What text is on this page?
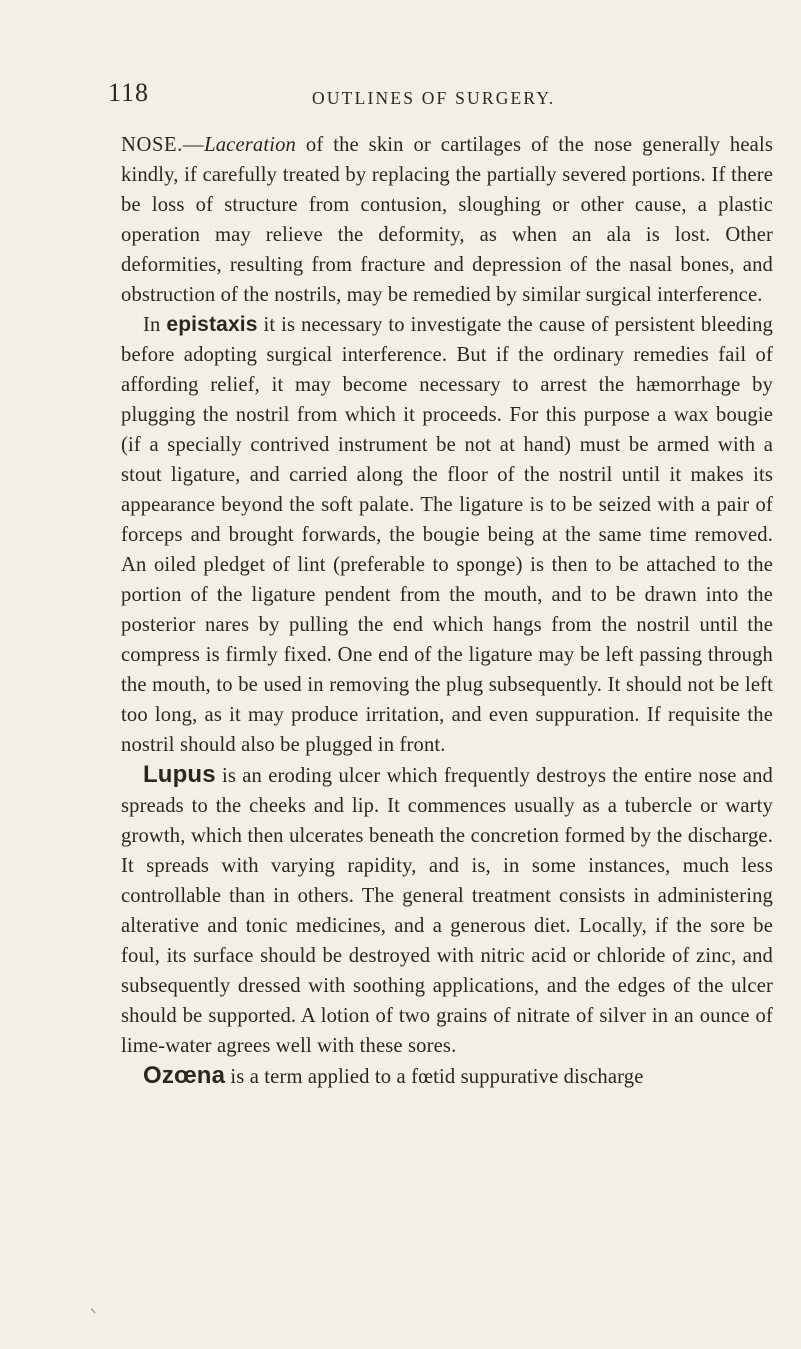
118	OUTLINES OF SURGERY.

NOSE.—Laceration of the skin or cartilages of the nose generally heals kindly, if carefully treated by replacing the partially severed portions. If there be loss of structure from contusion, sloughing or other cause, a plastic operation may relieve the deformity, as when an ala is lost. Other deformities, resulting from fracture and depression of the nasal bones, and obstruction of the nostrils, may be remedied by similar surgical interference.

In epistaxis it is necessary to investigate the cause of persistent bleeding before adopting surgical interference. But if the ordinary remedies fail of affording relief, it may become necessary to arrest the hæmorrhage by plugging the nostril from which it proceeds. For this purpose a wax bougie (if a specially contrived instrument be not at hand) must be armed with a stout ligature, and carried along the floor of the nostril until it makes its appearance beyond the soft palate. The ligature is to be seized with a pair of forceps and brought forwards, the bougie being at the same time removed. An oiled pledget of lint (preferable to sponge) is then to be attached to the portion of the ligature pendent from the mouth, and to be drawn into the posterior nares by pulling the end which hangs from the nostril until the compress is firmly fixed. One end of the ligature may be left passing through the mouth, to be used in removing the plug subsequently. It should not be left too long, as it may produce irritation, and even suppuration. If requisite the nostril should also be plugged in front.

Lupus is an eroding ulcer which frequently destroys the entire nose and spreads to the cheeks and lip. It commences usually as a tubercle or warty growth, which then ulcerates beneath the concretion formed by the discharge. It spreads with varying rapidity, and is, in some instances, much less controllable than in others. The general treatment consists in administering alterative and tonic medicines, and a generous diet. Locally, if the sore be foul, its surface should be destroyed with nitric acid or chloride of zinc, and subsequently dressed with soothing applications, and the edges of the ulcer should be supported. A lotion of two grains of nitrate of silver in an ounce of lime-water agrees well with these sores.

Ozœna is a term applied to a fœtid suppurative discharge
